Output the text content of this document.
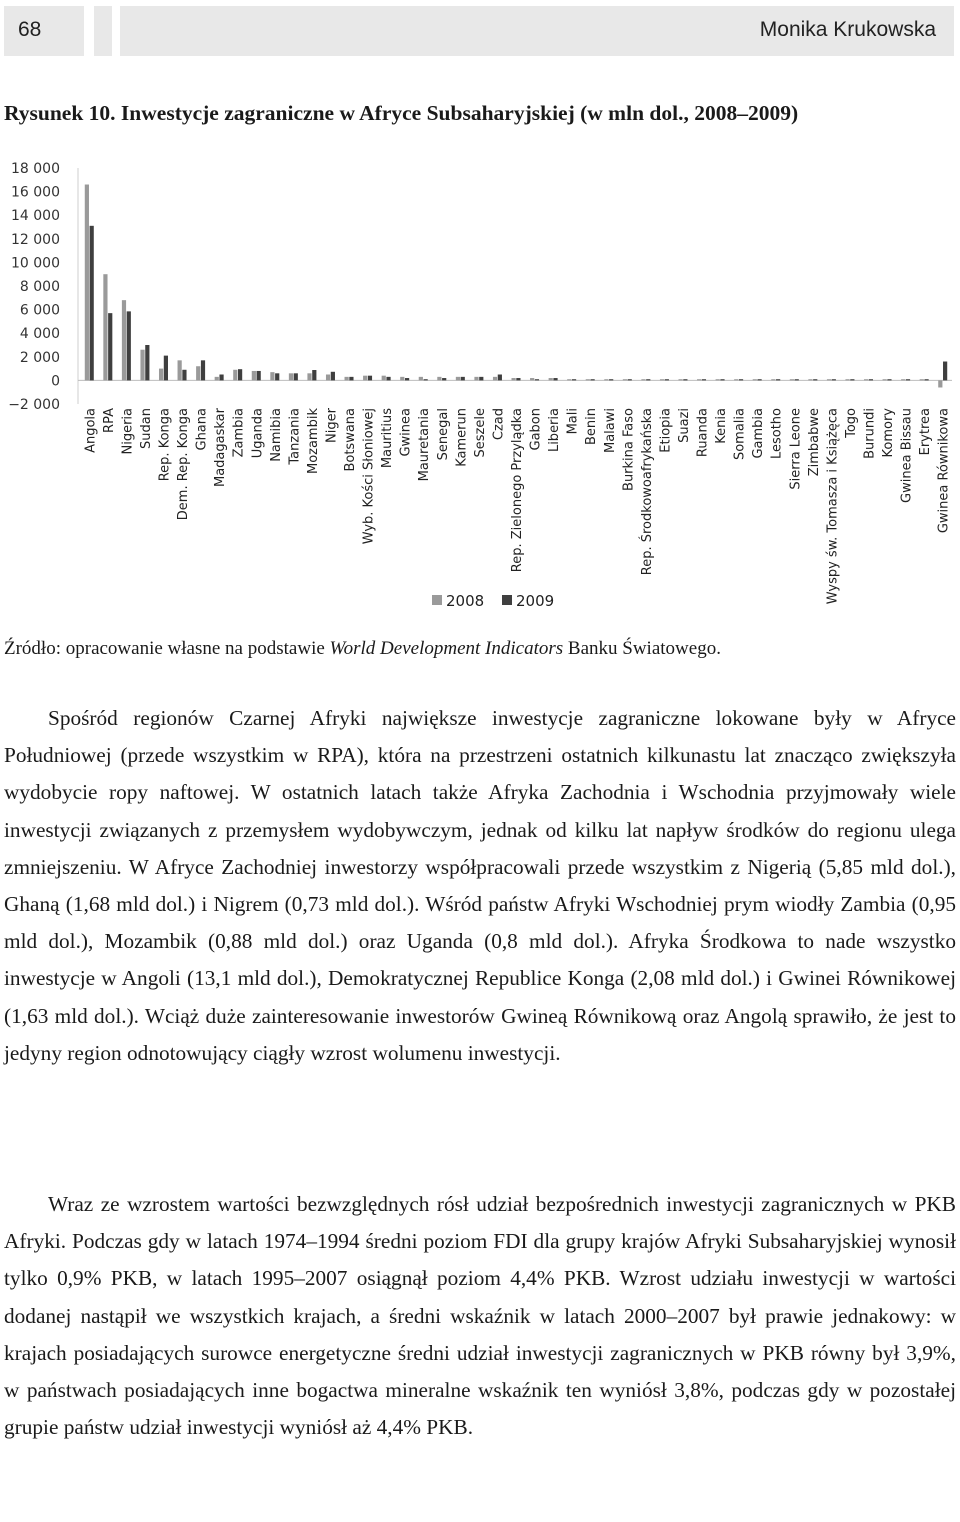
68	Monika Krukowska
Rysunek 10. Inwestycje zagraniczne w Afryce Subsaharyjskiej (w mln dol., 2008–2009)
−2 000
0
2 000
4 000
6 000
8 000
10 000
12 000
14 000
16 000
18 000
Angola RPA Nigeria Sudan Rep. Konga Dem. Rep. Konga Ghana Madagaskar Zambia Uganda Namibia Tanzania Mozambik Niger Botswana Wyb. Kości Słoniowej Mauritius Gwinea Mauretania Senegal Kamerun Seszele Czad Rep. Zielonego Przylądka Gabon Liberia Mali Benin Malawi Burkina Faso Rep. Środkowoafrykańska Etiopia Suazi Ruanda Kenia Somalia Gambia Lesotho Sierra Leone Zimbabwe Wyspy św. Tomasza i Książęca Togo Burundi Komory Gwinea Bissau Erytrea Gwinea Równikowa
2008 2009
Źródło: opracowanie własne na podstawie World Development Indicators Banku Światowego.

Spośród regionów Czarnej Afryki największe inwestycje zagraniczne lokowane były w Afryce Południowej (przede wszystkim w RPA), która na przestrzeni ostatnich kilkunastu lat znacząco zwiększyła wydobycie ropy naftowej. W ostatnich latach także Afryka Zachodnia i Wschodnia przyjmowały wiele inwestycji związanych z przemysłem wydobywczym, jednak od kilku lat napływ środków do regionu ulega zmniejszeniu. W Afryce Zachodniej inwestorzy współpracowali przede wszystkim z Nigerią (5,85 mld dol.), Ghaną (1,68 mld dol.) i Nigrem (0,73 mld dol.). Wśród państw Afryki Wschodniej prym wiodły Zambia (0,95 mld dol.), Mozambik (0,88 mld dol.) oraz Uganda (0,8 mld dol.). Afryka Środkowa to nade wszystko inwestycje w Angoli (13,1 mld dol.), Demokratycznej Republice Konga (2,08 mld dol.) i Gwinei Równikowej (1,63 mld dol.). Wciąż duże zainteresowanie inwestorów Gwineą Równikową oraz Angolą sprawiło, że jest to jedyny region odnotowujący ciągły wzrost wolumenu inwestycji.

Wraz ze wzrostem wartości bezwzględnych rósł udział bezpośrednich inwestycji zagranicznych w PKB Afryki. Podczas gdy w latach 1974–1994 średni poziom FDI dla grupy krajów Afryki Subsaharyjskiej wynosił tylko 0,9% PKB, w latach 1995–2007 osiągnął poziom 4,4% PKB. Wzrost udziału inwestycji w wartości dodanej nastąpił we wszystkich krajach, a średni wskaźnik w latach 2000–2007 był prawie jednakowy: w krajach posiadających surowce energetyczne średni udział inwestycji zagranicznych w PKB równy był 3,9%, w państwach posiadających inne bogactwa mineralne wskaźnik ten wyniósł 3,8%, podczas gdy w pozostałej grupie państw udział inwestycji wyniósł aż 4,4% PKB.
